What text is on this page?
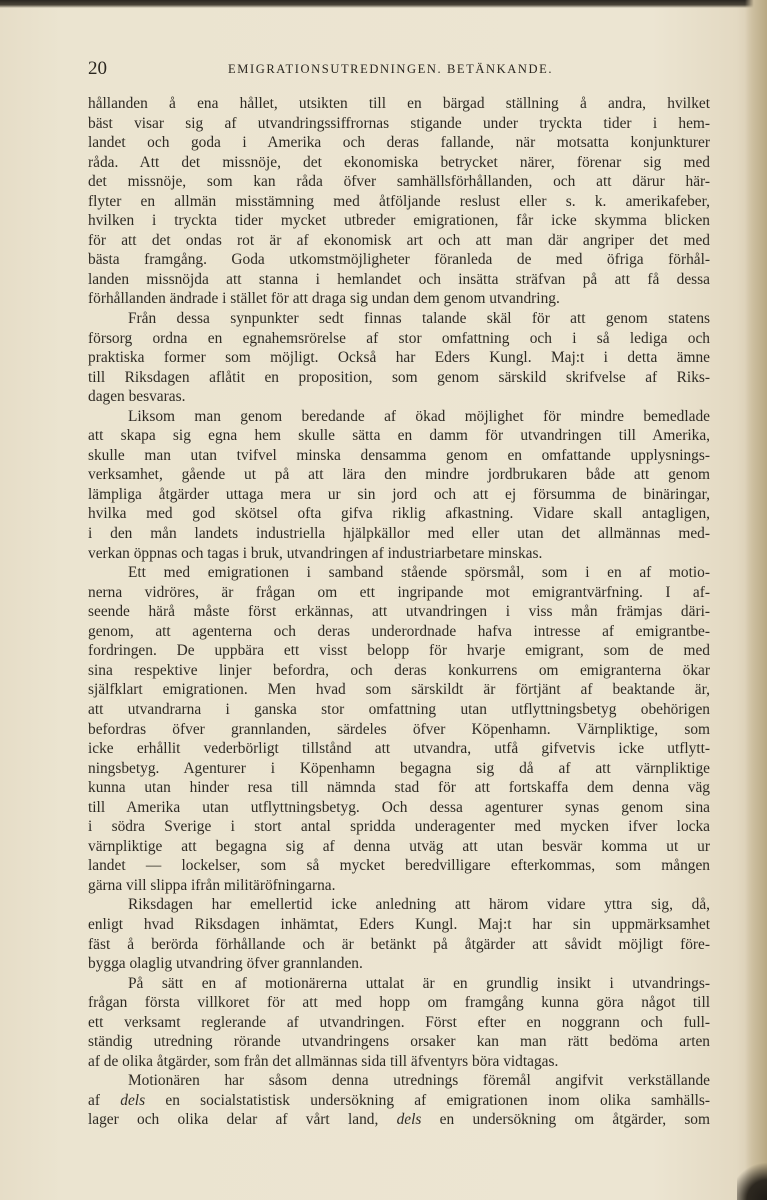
20	EMIGRATIONSUTREDNINGEN. BETÄNKANDE.
hållanden å ena hållet, utsikten till en bärgad ställning å andra, hvilket
bäst visar sig af utvandringssiffrornas stigande under tryckta tider i hem-
landet och goda i Amerika och deras fallande, när motsatta konjunkturer
råda. Att det missnöje, det ekonomiska betrycket närer, förenar sig med
det missnöje, som kan råda öfver samhällsförhållanden, och att därur här-
flyter en allmän misstämning med åtföljande reslust eller s. k. amerikafeber,
hvilken i tryckta tider mycket utbreder emigrationen, får icke skymma blicken
för att det ondas rot är af ekonomisk art och att man där angriper det med
bästa framgång. Goda utkomstmöjligheter föranleda de med öfriga förhål-
landen missnöjda att stanna i hemlandet och insätta sträfvan på att få dessa
förhållanden ändrade i stället för att draga sig undan dem genom utvandring.
Från dessa synpunkter sedt finnas talande skäl för att genom statens
försorg ordna en egnahemsrörelse af stor omfattning och i så lediga och
praktiska former som möjligt. Också har Eders Kungl. Maj:t i detta ämne
till Riksdagen aflåtit en proposition, som genom särskild skrifvelse af Riks-
dagen besvaras.
Liksom man genom beredande af ökad möjlighet för mindre bemedlade
att skapa sig egna hem skulle sätta en damm för utvandringen till Amerika,
skulle man utan tvifvel minska densamma genom en omfattande upplysnings-
verksamhet, gående ut på att lära den mindre jordbrukaren både att genom
lämpliga åtgärder uttaga mera ur sin jord och att ej försumma de binäringar,
hvilka med god skötsel ofta gifva riklig afkastning. Vidare skall antagligen,
i den mån landets industriella hjälpkällor med eller utan det allmännas med-
verkan öppnas och tagas i bruk, utvandringen af industriarbetare minskas.
Ett med emigrationen i samband stående spörsmål, som i en af motio-
nerna vidröres, är frågan om ett ingripande mot emigrantvärfning. I af-
seende härå måste först erkännas, att utvandringen i viss mån främjas däri-
genom, att agenterna och deras underordnade hafva intresse af emigrantbe-
fordringen. De uppbära ett visst belopp för hvarje emigrant, som de med
sina respektive linjer befordra, och deras konkurrens om emigranterna ökar
själfklart emigrationen. Men hvad som särskildt är förtjänt af beaktande är,
att utvandrarna i ganska stor omfattning utan utflyttningsbetyg obehörigen
befordras öfver grannlanden, särdeles öfver Köpenhamn. Värnpliktige, som
icke erhållit vederbörligt tillstånd att utvandra, utfå gifvetvis icke utflytt-
ningsbetyg. Agenturer i Köpenhamn begagna sig då af att värnpliktige
kunna utan hinder resa till nämnda stad för att fortskaffa dem denna väg
till Amerika utan utflyttningsbetyg. Och dessa agenturer synas genom sina
i södra Sverige i stort antal spridda underagenter med mycken ifver locka
värnpliktige att begagna sig af denna utväg att utan besvär komma ut ur
landet — lockelser, som så mycket beredvilligare efterkommas, som mången
gärna vill slippa ifrån militäröfningarna.
Riksdagen har emellertid icke anledning att härom vidare yttra sig, då,
enligt hvad Riksdagen inhämtat, Eders Kungl. Maj:t har sin uppmärksamhet
fäst å berörda förhållande och är betänkt på åtgärder att såvidt möjligt före-
bygga olaglig utvandring öfver grannlanden.
På sätt en af motionärerna uttalat är en grundlig insikt i utvandrings-
frågan första villkoret för att med hopp om framgång kunna göra något till
ett verksamt reglerande af utvandringen. Först efter en noggrann och full-
ständig utredning rörande utvandringens orsaker kan man rätt bedöma arten
af de olika åtgärder, som från det allmännas sida till äfventyrs böra vidtagas.
Motionären har såsom denna utrednings föremål angifvit verkställande
af dels en socialstatistisk undersökning af emigrationen inom olika samhälls-
lager och olika delar af vårt land, dels en undersökning om åtgärder, som
